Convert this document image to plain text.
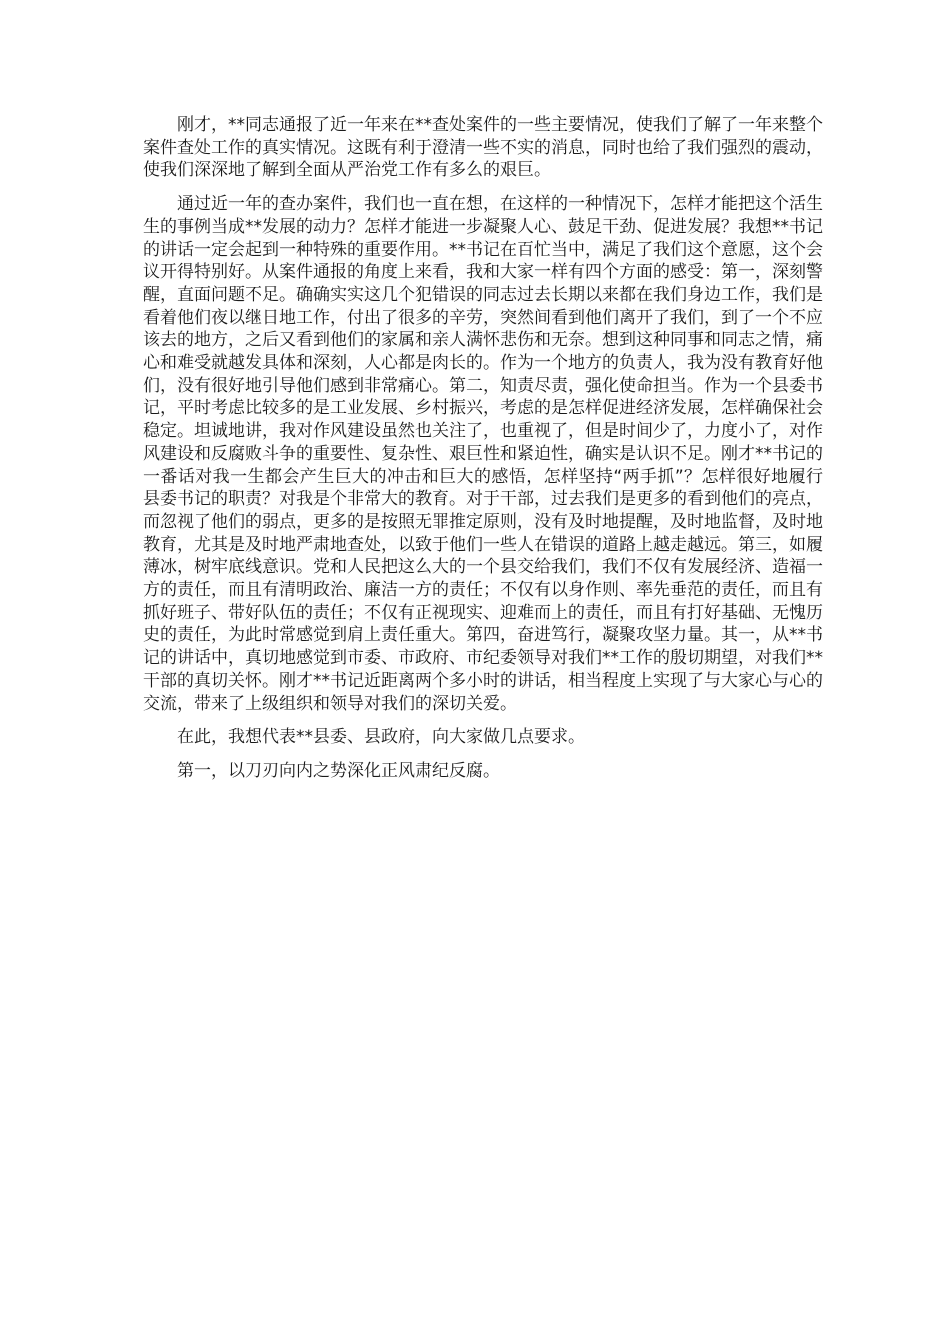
刚才，**同志通报了近一年来在**查处案件的一些主要情况，使我们了解了一年来整个案件查处工作的真实情况。这既有利于澄清一些不实的消息，同时也给了我们强烈的震动，使我们深深地了解到全面从严治党工作有多么的艰巨。

通过近一年的查办案件，我们也一直在想，在这样的一种情况下，怎样才能把这个活生生的事例当成**发展的动力？怎样才能进一步凝聚人心、鼓足干劲、促进发展？我想**书记的讲话一定会起到一种特殊的重要作用。**书记在百忙当中，满足了我们这个意愿，这个会议开得特别好。从案件通报的角度上来看，我和大家一样有四个方面的感受：第一，深刻警醒，直面问题不足。确确实实这几个犯错误的同志过去长期以来都在我们身边工作，我们是看着他们夜以继日地工作，付出了很多的辛劳，突然间看到他们离开了我们，到了一个不应该去的地方，之后又看到他们的家属和亲人满怀悲伤和无奈。想到这种同事和同志之情，痛心和难受就越发具体和深刻，人心都是肉长的。作为一个地方的负责人，我为没有教育好他们，没有很好地引导他们感到非常痛心。第二，知责尽责，强化使命担当。作为一个县委书记，平时考虑比较多的是工业发展、乡村振兴，考虑的是怎样促进经济发展，怎样确保社会稳定。坦诚地讲，我对作风建设虽然也关注了，也重视了，但是时间少了，力度小了，对作风建设和反腐败斗争的重要性、复杂性、艰巨性和紧迫性，确实是认识不足。刚才**书记的一番话对我一生都会产生巨大的冲击和巨大的感悟，怎样坚持“两手抓”？怎样很好地履行县委书记的职责？对我是个非常大的教育。对于干部，过去我们是更多的看到他们的亮点，而忽视了他们的弱点，更多的是按照无罪推定原则，没有及时地提醒，及时地监督，及时地教育，尤其是及时地严肃地查处，以致于他们一些人在错误的道路上越走越远。第三，如履薄冰，树牢底线意识。党和人民把这么大的一个县交给我们，我们不仅有发展经济、造福一方的责任，而且有清明政治、廉洁一方的责任；不仅有以身作则、率先垂范的责任，而且有抓好班子、带好队伍的责任；不仅有正视现实、迎难而上的责任，而且有打好基础、无愧历史的责任，为此时常感觉到肩上责任重大。第四，奋进笃行，凝聚攻坚力量。其一，从**书记的讲话中，真切地感觉到市委、市政府、市纪委领导对我们**工作的殷切期望，对我们**干部的真切关怀。刚才**书记近距离两个多小时的讲话，相当程度上实现了与大家心与心的交流，带来了上级组织和领导对我们的深切关爱。

在此，我想代表**县委、县政府，向大家做几点要求。

第一，以刀刃向内之势深化正风肃纪反腐。
